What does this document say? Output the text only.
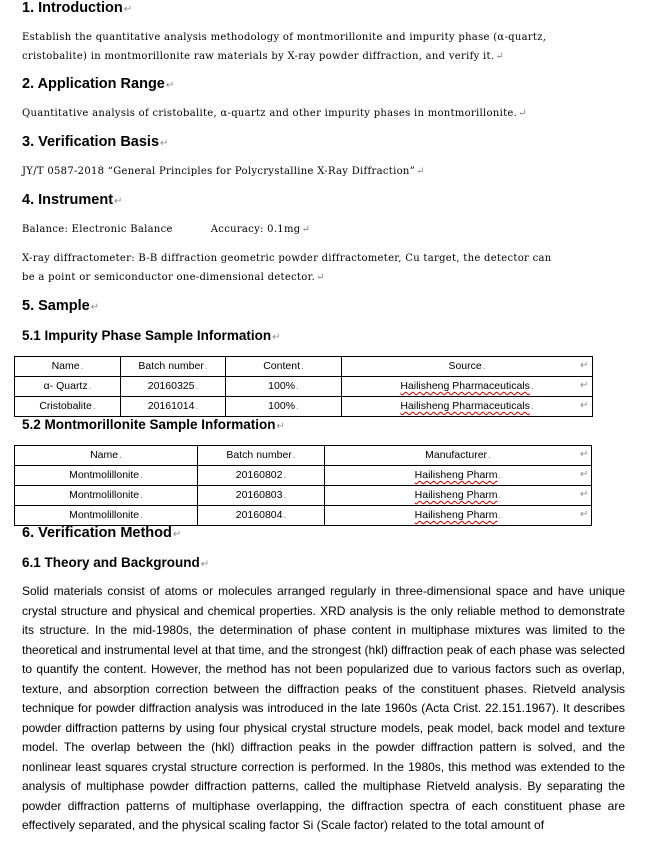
1. Introduction↵
Establish the quantitative analysis methodology of montmorillonite and impurity phase (α-quartz,
cristobalite) in montmorillonite raw materials by X-ray powder diffraction, and verify it.↵
2. Application Range↵
Quantitative analysis of cristobalite, α-quartz and other impurity phases in montmorillonite.↵
3. Verification Basis↵
JY/T 0587-2018 “General Principles for Polycrystalline X-Ray Diffraction”↵
4. Instrument↵
Balance: Electronic Balance	Accuracy: 0.1mg↵
X-ray diffractometer: B-B diffraction geometric powder diffractometer, Cu target, the detector can
be a point or semiconductor one-dimensional detector.↵
5. Sample↵
5.1 Impurity Phase Sample Information↵
Name.	Batch number.	Content.	Source.
α- Quartz.	20160325.	100%.	Hailisheng Pharmaceuticals.
Cristobalite.	20161014.	100%.	Hailisheng Pharmaceuticals.
↵
↵
↵
5.2 Montmorillonite Sample Information↵
Name.	Batch number.	Manufacturer.
Montmolillonite.	20160802.	Hailisheng Pharm.
Montmolillonite.	20160803.	Hailisheng Pharm.
Montmolillonite.	20160804.	Hailisheng Pharm.
↵
↵
↵
↵
6. Verification Method↵
6.1 Theory and Background↵
Solid materials consist of atoms or molecules arranged regularly in three-dimensional space and have unique crystal structure and physical and chemical properties. XRD analysis is the only reliable method to demonstrate its structure. In the mid-1980s, the determination of phase content in multiphase mixtures was limited to the theoretical and instrumental level at that time, and the strongest (hkl) diffraction peak of each phase was selected to quantify the content. However, the method has not been popularized due to various factors such as overlap, texture, and absorption correction between the diffraction peaks of the constituent phases. Rietveld analysis technique for powder diffraction analysis was introduced in the late 1960s (Acta Crist. 22.151.1967). It describes powder diffraction patterns by using four physical crystal structure models, peak model, back model and texture model. The overlap between the (hkl) diffraction peaks in the powder diffraction pattern is solved, and the nonlinear least squares crystal structure correction is performed. In the 1980s, this method was extended to the analysis of multiphase powder diffraction patterns, called the multiphase Rietveld analysis. By separating the powder diffraction patterns of multiphase overlapping, the diffraction spectra of each constituent phase are effectively separated, and the physical scaling factor Si (Scale factor) related to the total amount of
